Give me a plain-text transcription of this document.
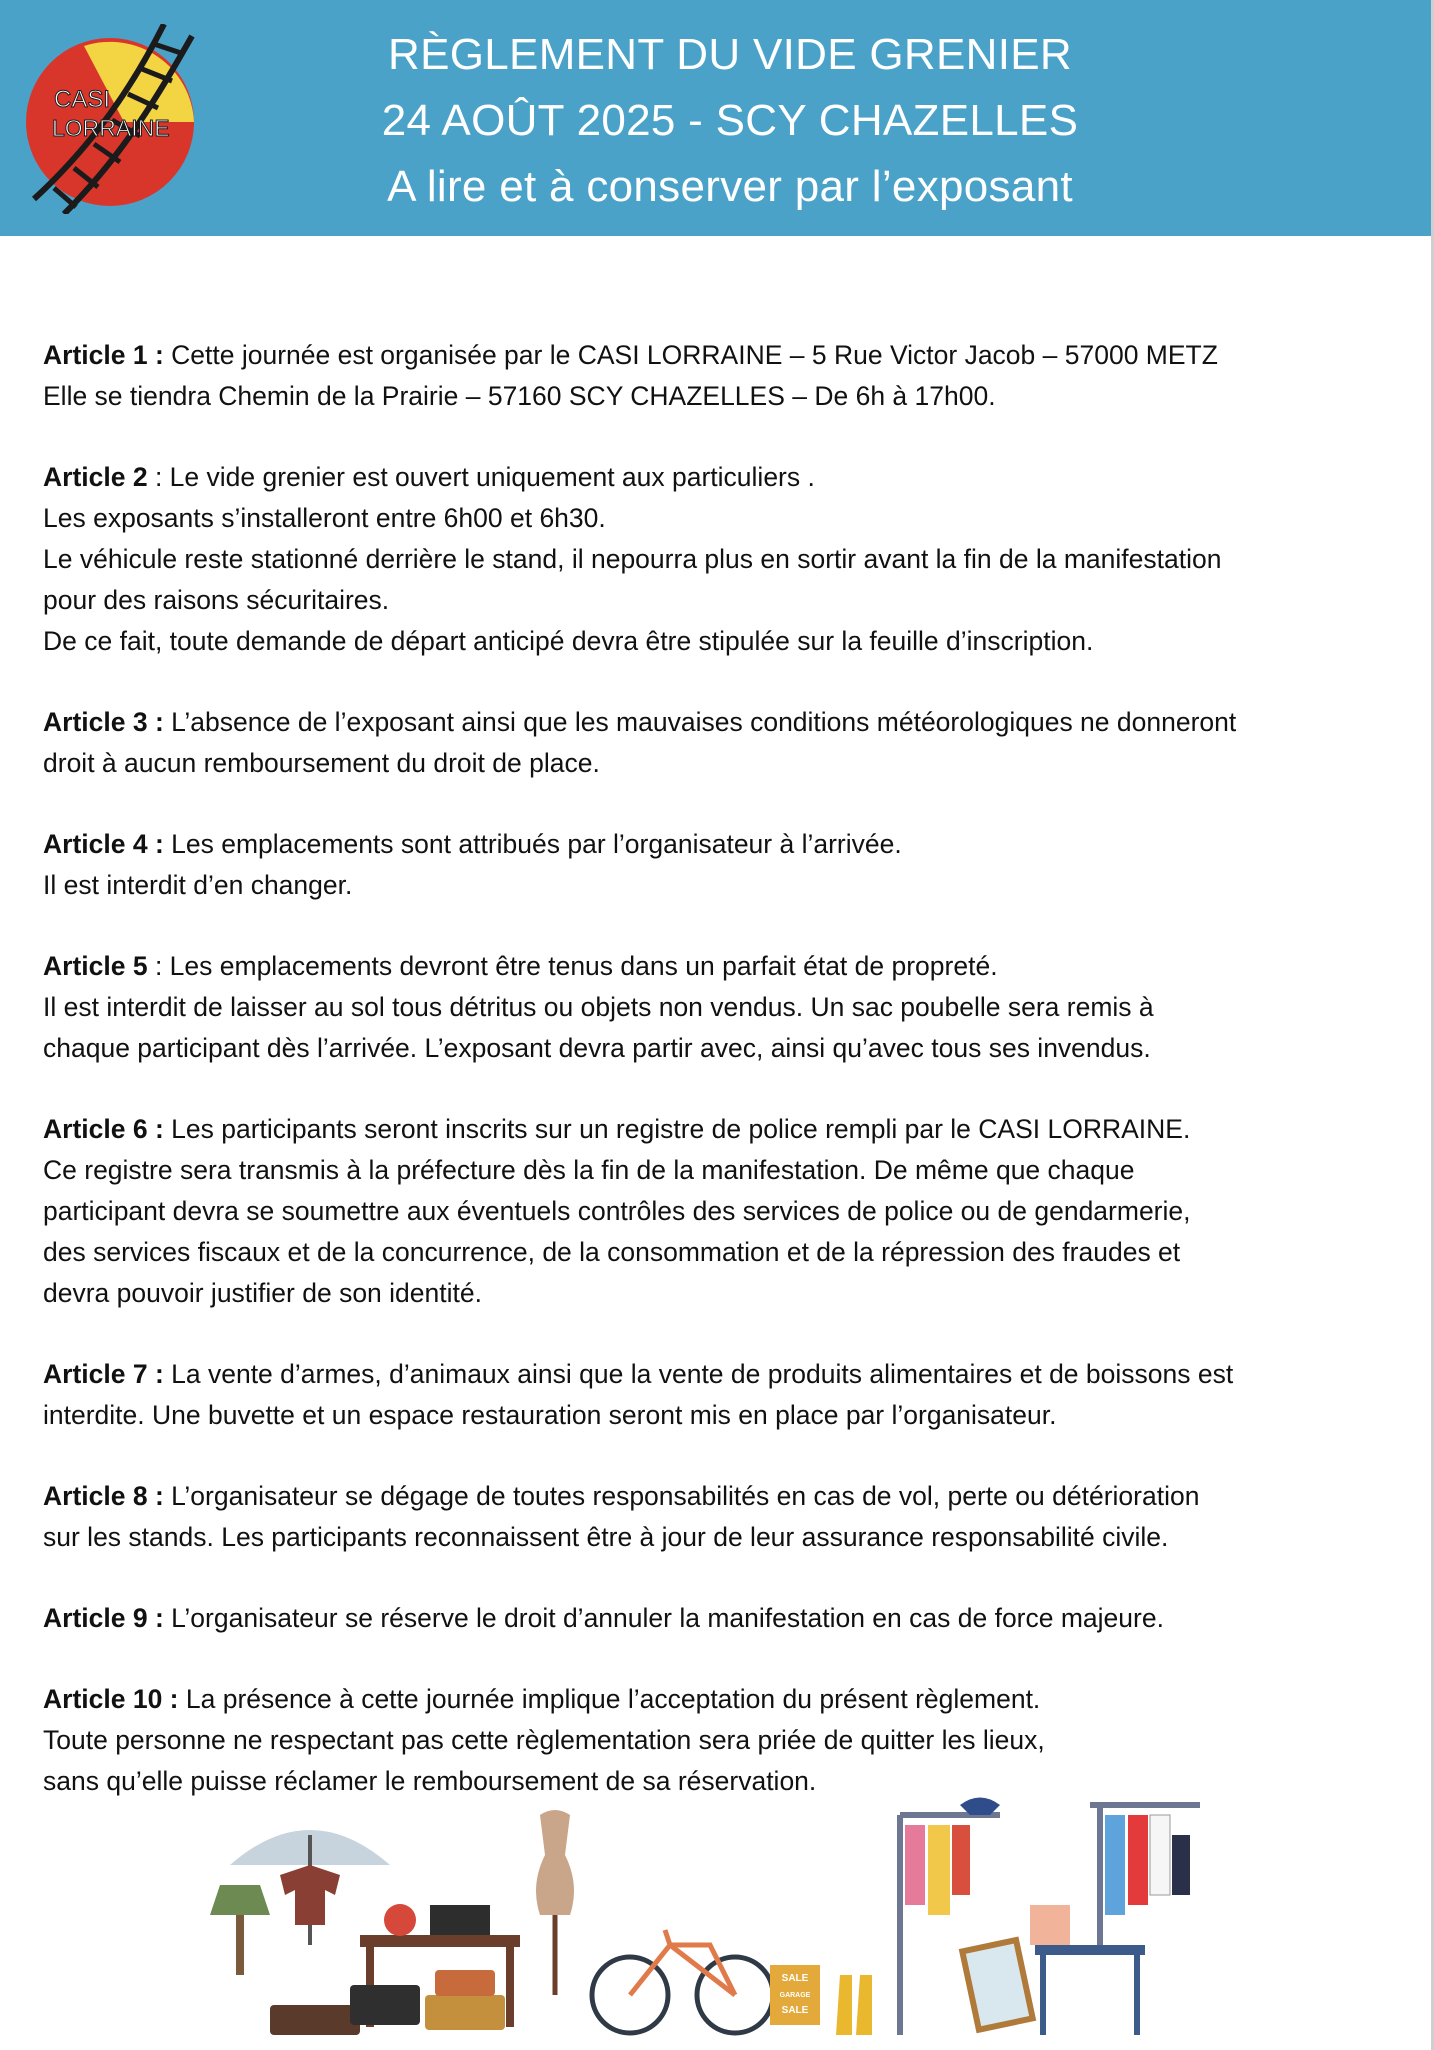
CASI
LORRAINE
RÈGLEMENT DU VIDE GRENIER
24 AOÛT 2025 - SCY CHAZELLES
A lire et à conserver par l’exposant
Article 1 : Cette journée est organisée par le CASI LORRAINE – 5 Rue Victor Jacob – 57000 METZ
Elle se tiendra Chemin de la Prairie – 57160 SCY CHAZELLES – De 6h à 17h00.
Article 2 : Le vide grenier est ouvert uniquement aux particuliers .
Les exposants s’installeront entre 6h00 et 6h30.
Le véhicule reste stationné derrière le stand, il nepourra plus en sortir avant la fin de la manifestation
pour des raisons sécuritaires.
De ce fait, toute demande de départ anticipé devra être stipulée sur la feuille d’inscription.
Article 3 : L’absence de l’exposant ainsi que les mauvaises conditions météorologiques ne donneront
droit à aucun remboursement du droit de place.
Article 4 : Les emplacements sont attribués par l’organisateur à l’arrivée.
Il est interdit d’en changer.
Article 5 : Les emplacements devront être tenus dans un parfait état de propreté.
Il est interdit de laisser au sol tous détritus ou objets non vendus. Un sac poubelle sera remis à
chaque participant dès l’arrivée. L’exposant devra partir avec, ainsi qu’avec tous ses invendus.
Article 6 : Les participants seront inscrits sur un registre de police rempli par le CASI LORRAINE.
Ce registre sera transmis à la préfecture dès la fin de la manifestation. De même que chaque
participant devra se soumettre aux éventuels contrôles des services de police ou de gendarmerie,
des services fiscaux et de la concurrence, de la consommation et de la répression des fraudes et
devra pouvoir justifier de son identité.
Article 7 : La vente d’armes, d’animaux ainsi que la vente de produits alimentaires et de boissons est
interdite. Une buvette et un espace restauration seront mis en place par l’organisateur.
Article 8 : L’organisateur se dégage de toutes responsabilités en cas de vol, perte ou détérioration
sur les stands. Les participants reconnaissent être à jour de leur assurance responsabilité civile.
Article 9 : L’organisateur se réserve le droit d’annuler la manifestation en cas de force majeure.
Article 10 : La présence à cette journée implique l’acceptation du présent règlement.
Toute personne ne respectant pas cette règlementation sera priée de quitter les lieux,
sans qu’elle puisse réclamer le remboursement de sa réservation.
SALE
GARAGE
SALE
